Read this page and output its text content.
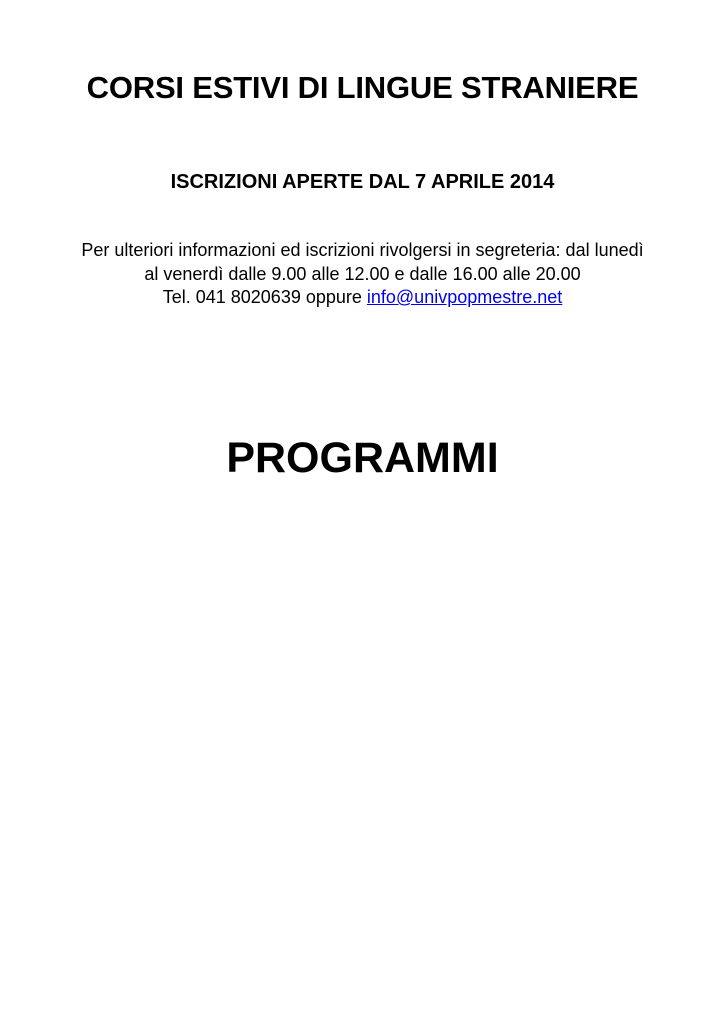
CORSI ESTIVI DI LINGUE STRANIERE
ISCRIZIONI APERTE DAL 7 APRILE 2014

Per ulteriori informazioni ed iscrizioni rivolgersi in segreteria: dal lunedì
al venerdì dalle 9.00 alle 12.00 e dalle 16.00 alle 20.00
Tel. 041 8020639 oppure info@univpopmestre.net

PROGRAMMI
